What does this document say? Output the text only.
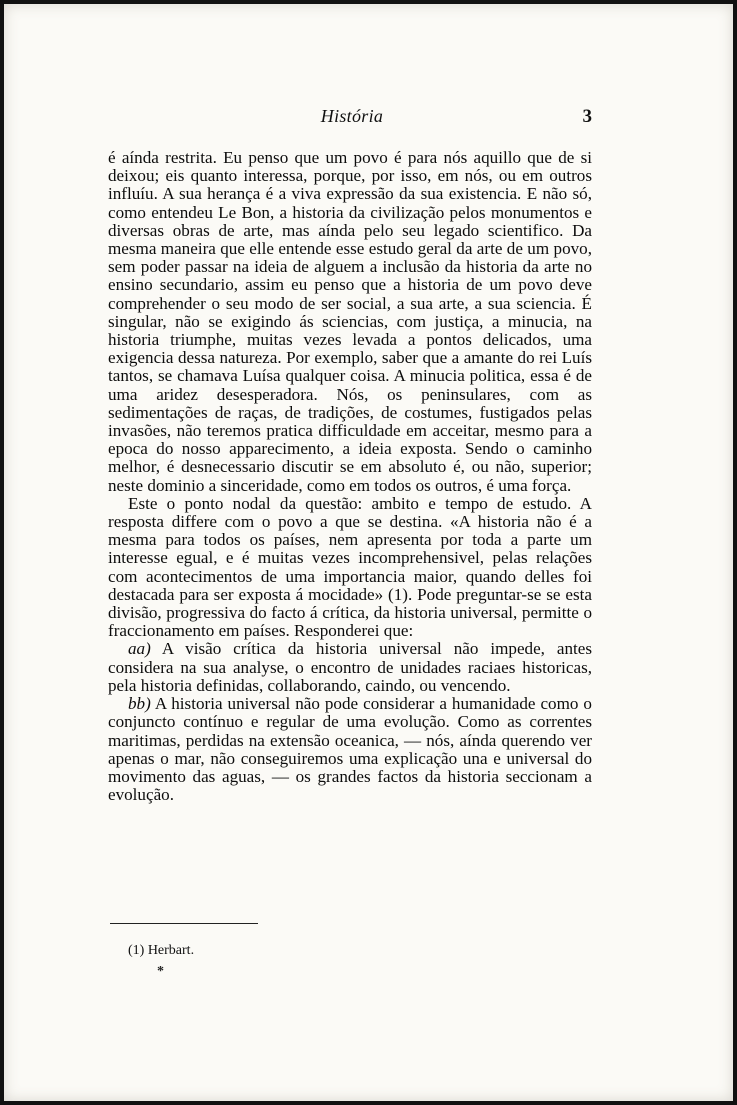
História	3

é aínda restrita. Eu penso que um povo é para nós aquillo que de si deixou; eis quanto interessa, porque, por isso, em nós, ou em outros influíu. A sua herança é a viva expressão da sua existencia. E não só, como entendeu Le Bon, a historia da civilização pelos monumentos e diversas obras de arte, mas aínda pelo seu legado scientifico. Da mesma maneira que elle entende esse estudo geral da arte de um povo, sem poder passar na ideia de alguem a inclusão da historia da arte no ensino secundario, assim eu penso que a historia de um povo deve comprehender o seu modo de ser social, a sua arte, a sua sciencia. É singular, não se exigindo ás sciencias, com justiça, a minucia, na historia triumphe, muitas vezes levada a pontos delicados, uma exigencia dessa natureza. Por exemplo, saber que a amante do rei Luís tantos, se chamava Luísa qualquer coisa. A minucia politica, essa é de uma aridez desesperadora. Nós, os peninsulares, com as sedimentações de raças, de tradições, de costumes, fustigados pelas invasões, não teremos pratica difficuldade em acceitar, mesmo para a epoca do nosso apparecimento, a ideia exposta. Sendo o caminho melhor, é desnecessario discutir se em absoluto é, ou não, superior; neste dominio a sinceridade, como em todos os outros, é uma força.

Este o ponto nodal da questão: ambito e tempo de estudo. A resposta differe com o povo a que se destina. «A historia não é a mesma para todos os países, nem apresenta por toda a parte um interesse egual, e é muitas vezes incomprehensivel, pelas relações com acontecimentos de uma importancia maior, quando delles foi destacada para ser exposta á mocidade» (1). Pode preguntar-se se esta divisão, progressiva do facto á crítica, da historia universal, permitte o fraccionamento em países. Responderei que:

aa) A visão crítica da historia universal não impede, antes considera na sua analyse, o encontro de unidades raciaes historicas, pela historia definidas, collaborando, caindo, ou vencendo.

bb) A historia universal não pode considerar a humanidade como o conjuncto contínuo e regular de uma evolução. Como as correntes maritimas, perdidas na extensão oceanica, — nós, aínda querendo ver apenas o mar, não conseguiremos uma explicação una e universal do movimento das aguas, — os grandes factos da historia seccionam a evolução.

(1) Herbart.
*
